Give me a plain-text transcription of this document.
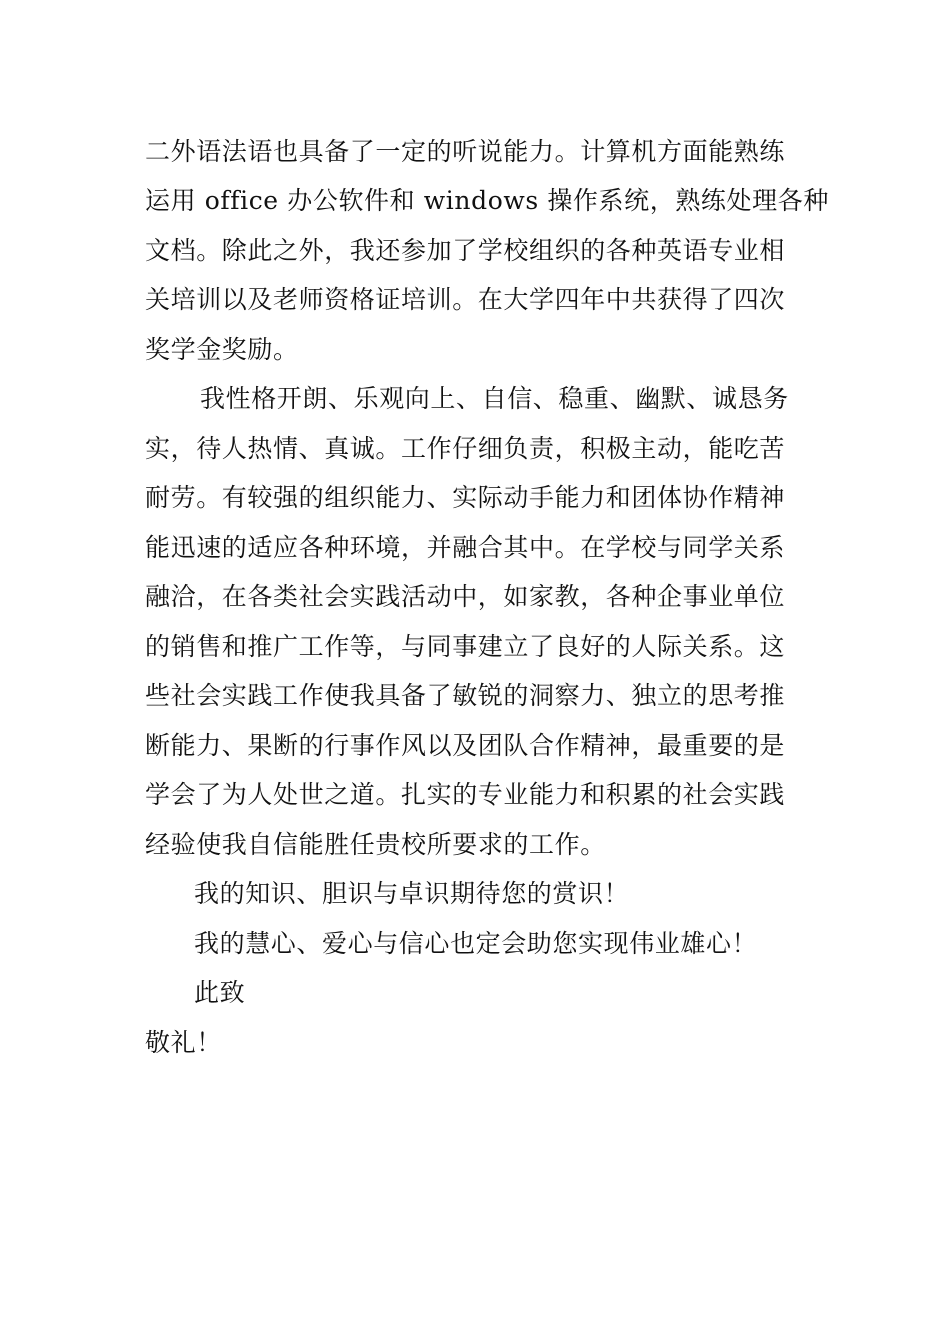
二外语法语也具备了一定的听说能力。计算机方面能熟练
运用 office 办公软件和 windows 操作系统，熟练处理各种
文档。除此之外，我还参加了学校组织的各种英语专业相
关培训以及老师资格证培训。在大学四年中共获得了四次
奖学金奖励。
我性格开朗、乐观向上、自信、稳重、幽默、诚恳务
实，待人热情、真诚。工作仔细负责，积极主动，能吃苦
耐劳。有较强的组织能力、实际动手能力和团体协作精神
能迅速的适应各种环境，并融合其中。在学校与同学关系
融洽，在各类社会实践活动中，如家教，各种企事业单位
的销售和推广工作等，与同事建立了良好的人际关系。这
些社会实践工作使我具备了敏锐的洞察力、独立的思考推
断能力、果断的行事作风以及团队合作精神，最重要的是
学会了为人处世之道。扎实的专业能力和积累的社会实践
经验使我自信能胜任贵校所要求的工作。
我的知识、胆识与卓识期待您的赏识！
我的慧心、爱心与信心也定会助您实现伟业雄心！
此致
敬礼！
